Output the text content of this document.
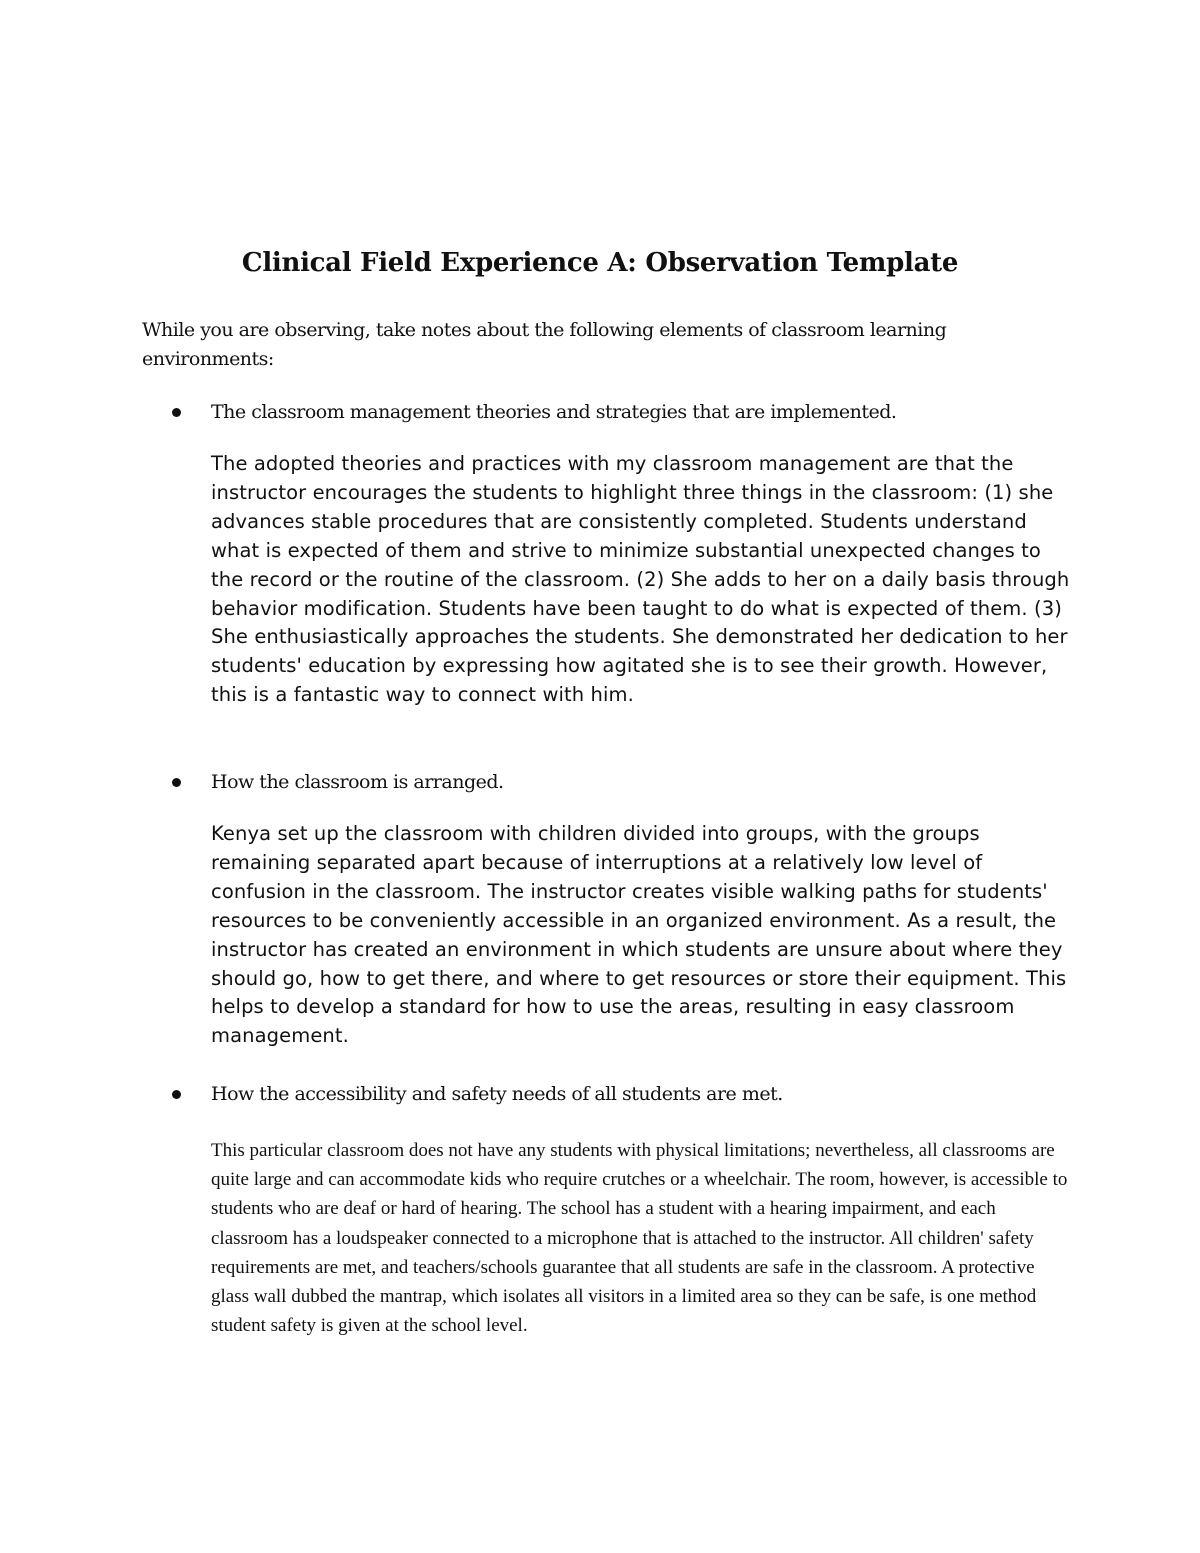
Clinical Field Experience A: Observation Template

While you are observing, take notes about the following elements of classroom learning environments:

The classroom management theories and strategies that are implemented.

The adopted theories and practices with my classroom management are that the instructor encourages the students to highlight three things in the classroom: (1) she advances stable procedures that are consistently completed. Students understand what is expected of them and strive to minimize substantial unexpected changes to the record or the routine of the classroom. (2) She adds to her on a daily basis through behavior modification. Students have been taught to do what is expected of them. (3) She enthusiastically approaches the students. She demonstrated her dedication to her students' education by expressing how agitated she is to see their growth. However, this is a fantastic way to connect with him.

How the classroom is arranged.

Kenya set up the classroom with children divided into groups, with the groups remaining separated apart because of interruptions at a relatively low level of confusion in the classroom. The instructor creates visible walking paths for students' resources to be conveniently accessible in an organized environment. As a result, the instructor has created an environment in which students are unsure about where they should go, how to get there, and where to get resources or store their equipment. This helps to develop a standard for how to use the areas, resulting in easy classroom management.

How the accessibility and safety needs of all students are met.

This particular classroom does not have any students with physical limitations; nevertheless, all classrooms are quite large and can accommodate kids who require crutches or a wheelchair. The room, however, is accessible to students who are deaf or hard of hearing. The school has a student with a hearing impairment, and each classroom has a loudspeaker connected to a microphone that is attached to the instructor. All children' safety requirements are met, and teachers/schools guarantee that all students are safe in the classroom. A protective glass wall dubbed the mantrap, which isolates all visitors in a limited area so they can be safe, is one method student safety is given at the school level.
